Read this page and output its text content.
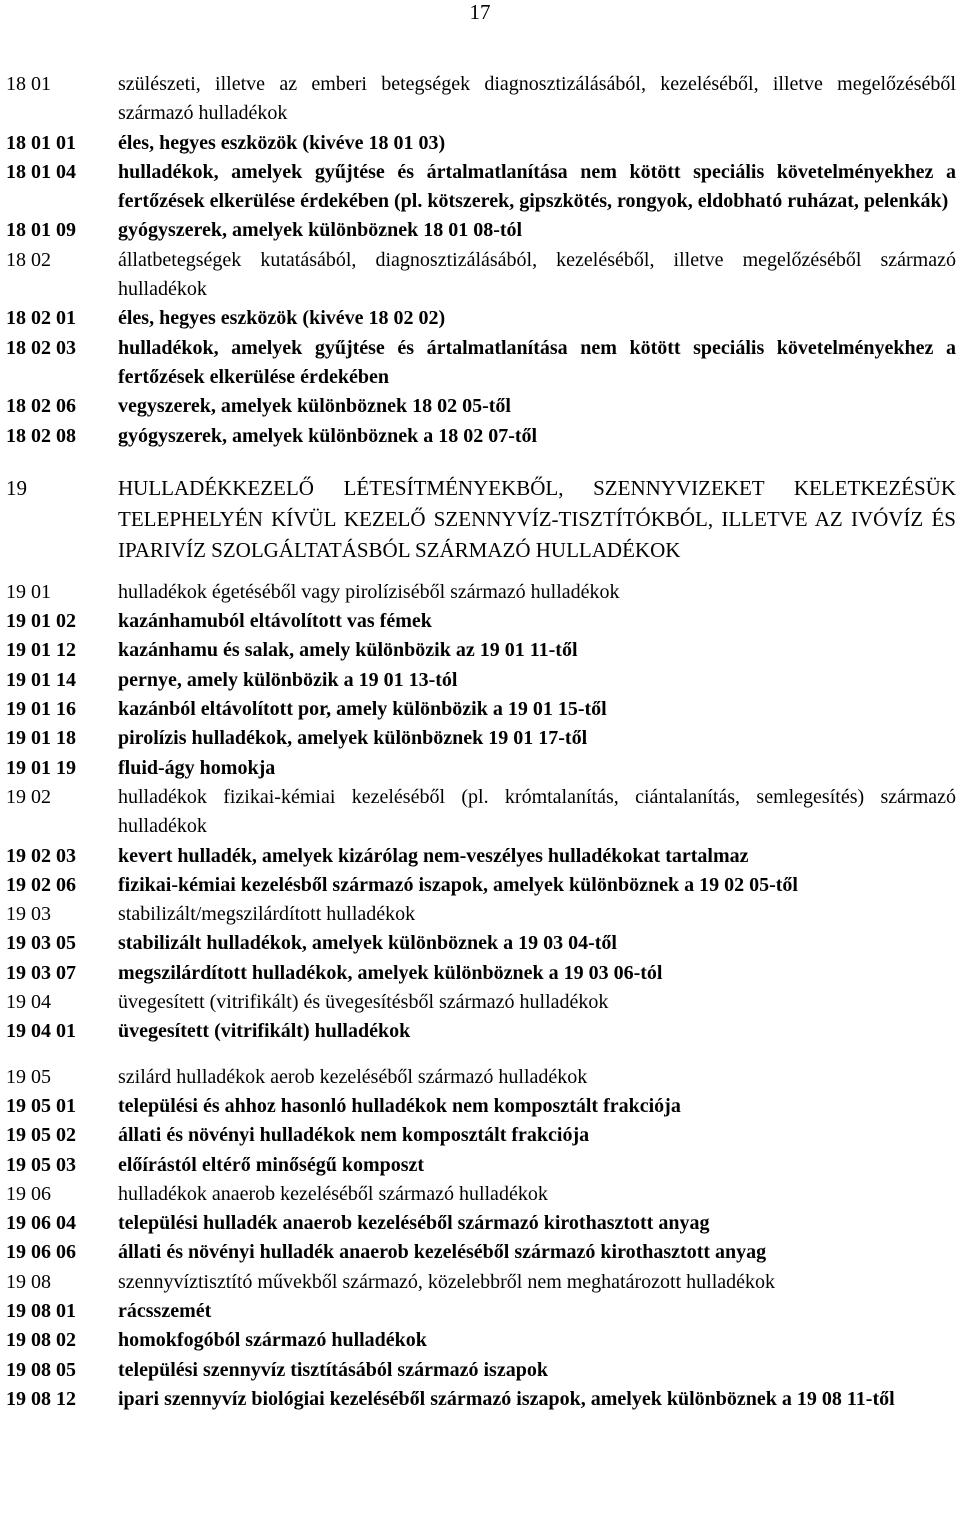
17
18 01	szülészeti, illetve az emberi betegségek diagnosztizálásából, kezeléséből, illetve megelőzéséből származó hulladékok
18 01 01	éles, hegyes eszközök (kivéve 18 01 03)
18 01 04	hulladékok, amelyek gyűjtése és ártalmatlanítása nem kötött speciális követelményekhez a fertőzések elkerülése érdekében (pl. kötszerek, gipszkötés, rongyok, eldobható ruházat, pelenkák)
18 01 09	gyógyszerek, amelyek különböznek 18 01 08-tól
18 02	állatbetegségek kutatásából, diagnosztizálásából, kezeléséből, illetve megelőzéséből származó hulladékok
18 02 01	éles, hegyes eszközök (kivéve 18 02 02)
18 02 03	hulladékok, amelyek gyűjtése és ártalmatlanítása nem kötött speciális követelményekhez a fertőzések elkerülése érdekében
18 02 06	vegyszerek, amelyek különböznek 18 02 05-től
18 02 08	gyógyszerek, amelyek különböznek a 18 02 07-től
19	HULLADÉKKEZELŐ LÉTESÍTMÉNYEKBŐL, SZENNYVIZEKET KELETKEZÉSÜK TELEPHELYÉN KÍVÜL KEZELŐ SZENNYVÍZ-TISZTÍTÓKBÓL, ILLETVE AZ IVÓVÍZ ÉS IPARIVÍZ SZOLGÁLTATÁSBÓL SZÁRMAZÓ HULLADÉKOK
19 01	hulladékok égetéséből vagy pirolíziséből származó hulladékok
19 01 02	kazánhamuból eltávolított vas fémek
19 01 12	kazánhamu és salak, amely különbözik az 19 01 11-től
19 01 14	pernye, amely különbözik a 19 01 13-tól
19 01 16	kazánból eltávolított por, amely különbözik a 19 01 15-től
19 01 18	pirolízis hulladékok, amelyek különböznek 19 01 17-től
19 01 19	fluid-ágy homokja
19 02	hulladékok fizikai-kémiai kezeléséből (pl. krómtalanítás, ciántalanítás, semlegesítés) származó hulladékok
19 02 03	kevert hulladék, amelyek kizárólag nem-veszélyes hulladékokat tartalmaz
19 02 06	fizikai-kémiai kezelésből származó iszapok, amelyek különböznek a 19 02 05-től
19 03	stabilizált/megszilárdított hulladékok
19 03 05	stabilizált hulladékok, amelyek különböznek a 19 03 04-től
19 03 07	megszilárdított hulladékok, amelyek különböznek a 19 03 06-tól
19 04	üvegesített (vitrifikált) és üvegesítésből származó hulladékok
19 04 01	üvegesített (vitrifikált) hulladékok
19 05	szilárd hulladékok aerob kezeléséből származó hulladékok
19 05 01	települési és ahhoz hasonló hulladékok nem komposztált frakciója
19 05 02	állati és növényi hulladékok nem komposztált frakciója
19 05 03	előírástól eltérő minőségű komposzt
19 06	hulladékok anaerob kezeléséből származó hulladékok
19 06 04	települési hulladék anaerob kezeléséből származó kirothasztott anyag
19 06 06	állati és növényi hulladék anaerob kezeléséből származó kirothasztott anyag
19 08	szennyvíztisztító művekből származó, közelebbről nem meghatározott hulladékok
19 08 01	rácsszemét
19 08 02	homokfogóból származó hulladékok
19 08 05	települési szennyvíz tisztításából származó iszapok
19 08 12	ipari szennyvíz biológiai kezeléséből származó iszapok, amelyek különböznek a 19 08 11-től
